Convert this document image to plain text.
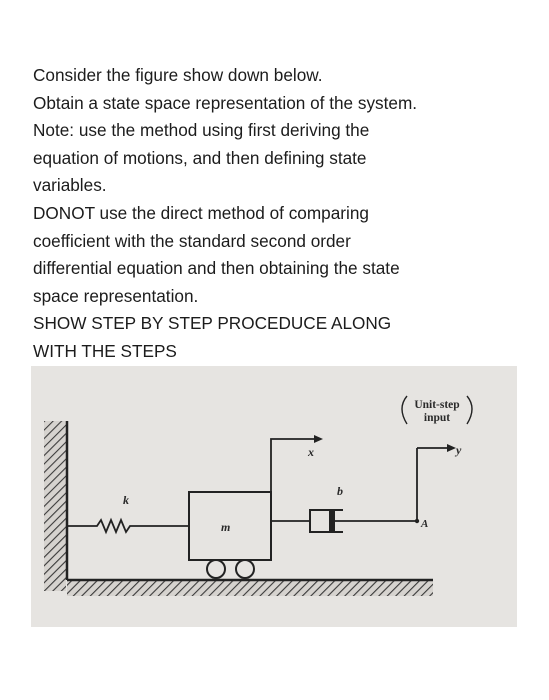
Consider the figure show down below.
Obtain a state space representation of the system.
Note: use the method using first deriving the
equation of motions, and then defining state
variables.
DONOT use the direct method of comparing
coefficient with the standard second order
differential equation and then obtaining the state
space representation.
SHOW STEP BY STEP PROCEDUCE ALONG
WITH THE STEPS
k
m
x
b
y
A
Unit-step
input
